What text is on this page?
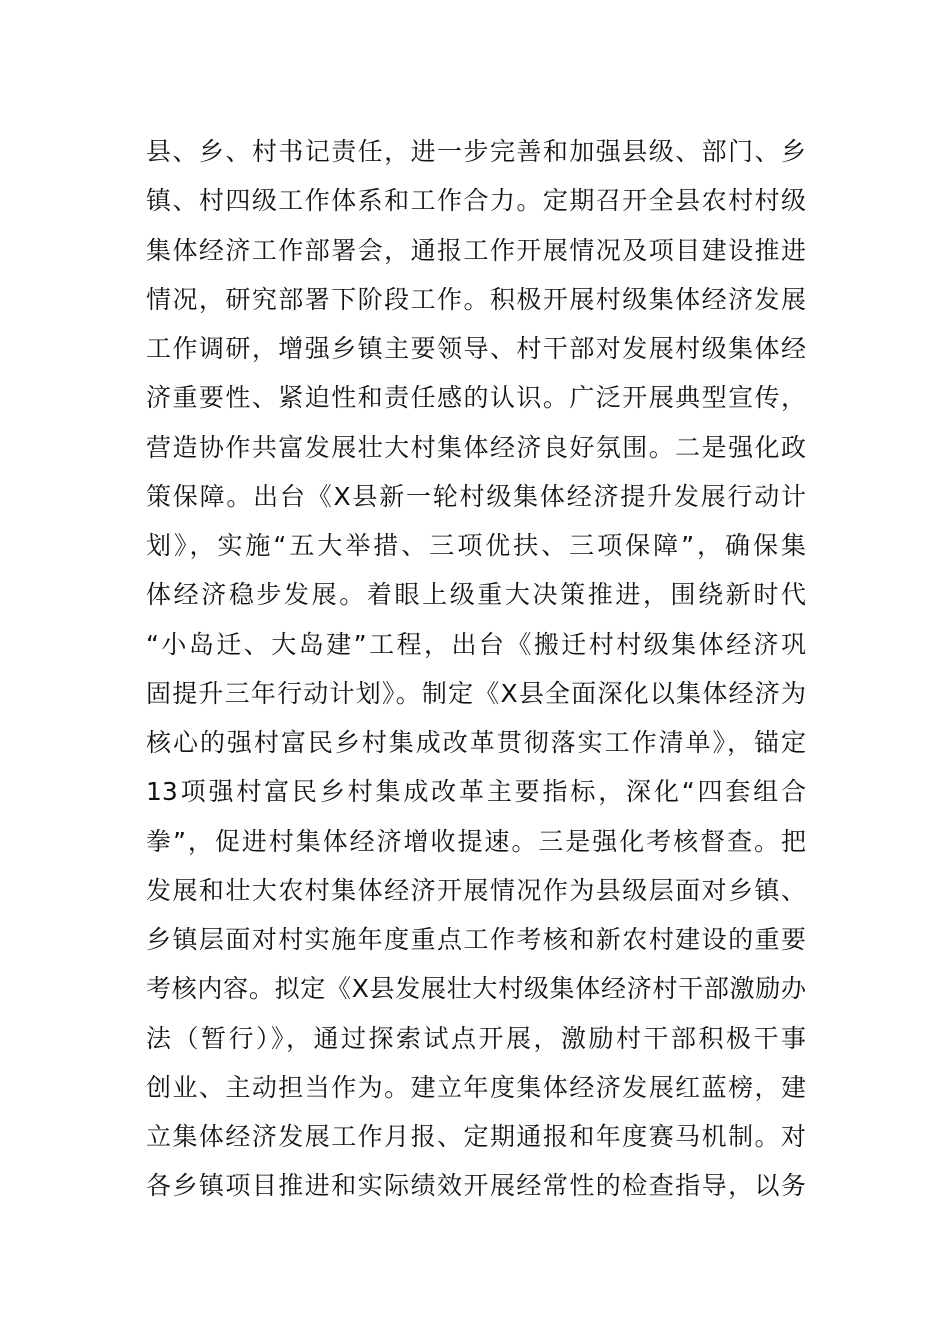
县、乡、村书记责任，进一步完善和加强县级、部门、乡
镇、村四级工作体系和工作合力。定期召开全县农村村级
集体经济工作部署会，通报工作开展情况及项目建设推进
情况，研究部署下阶段工作。积极开展村级集体经济发展
工作调研，增强乡镇主要领导、村干部对发展村级集体经
济重要性、紧迫性和责任感的认识。广泛开展典型宣传，
营造协作共富发展壮大村集体经济良好氛围。二是强化政
策保障。出台《X县新一轮村级集体经济提升发展行动计
划》，实施“五大举措、三项优扶、三项保障”，确保集
体经济稳步发展。着眼上级重大决策推进，围绕新时代
“小岛迁、大岛建”工程，出台《搬迁村村级集体经济巩
固提升三年行动计划》。制定《X县全面深化以集体经济为
核心的强村富民乡村集成改革贯彻落实工作清单》，锚定
13项强村富民乡村集成改革主要指标，深化“四套组合
拳”，促进村集体经济增收提速。三是强化考核督查。把
发展和壮大农村集体经济开展情况作为县级层面对乡镇、
乡镇层面对村实施年度重点工作考核和新农村建设的重要
考核内容。拟定《X县发展壮大村级集体经济村干部激励办
法（暂行）》，通过探索试点开展，激励村干部积极干事
创业、主动担当作为。建立年度集体经济发展红蓝榜，建
立集体经济发展工作月报、定期通报和年度赛马机制。对
各乡镇项目推进和实际绩效开展经常性的检查指导，以务
